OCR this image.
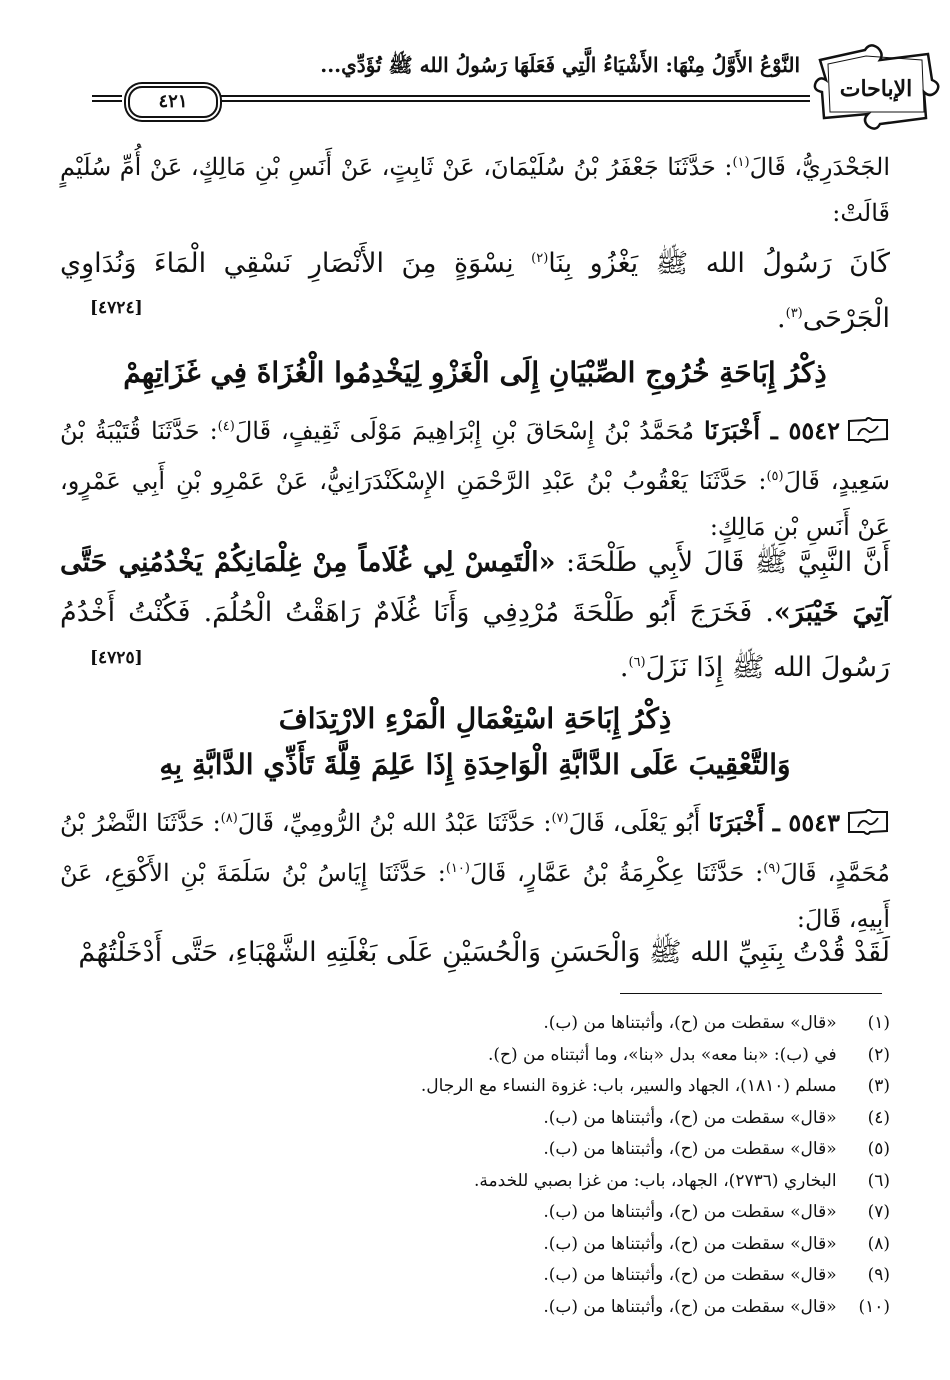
النَّوْعُ الأَوَّلُ مِنْهَا: الأَشْيَاءُ الَّتِي فَعَلَهَا رَسُولُ الله ﷺ تُؤَدِّي...
٤٢١	الإباحات
الجَحْدَرِيُّ، قَالَ$^{(١)}$: حَدَّثَنَا جَعْفَرُ بْنُ سُلَيْمَانَ، عَنْ ثَابِتٍ، عَنْ أَنَسِ بْنِ مَالِكٍ، عَنْ أُمِّ سُلَيْمٍ قَالَتْ:
كَانَ رَسُولُ الله ﷺ يَغْزُو بِنَا$^{(٢)}$ نِسْوَةٍ مِنَ الأَنْصَارِ نَسْقِي الْمَاءَ وَنُدَاوِي الْجَرْحَى$^{(٣)}$.
[٤٧٢٤]
ذِكْرُ إِبَاحَةِ خُرُوجِ الصِّبْيَانِ إِلَى الْغَزْوِ لِيَخْدِمُوا الْغُزَاةَ فِي غَزَاتِهِمْ
٥٥٤٢ ـ أَخْبَرَنَا مُحَمَّدُ بْنُ إِسْحَاقَ بْنِ إِبْرَاهِيمَ مَوْلَى ثَقِيفٍ، قَالَ$^{(٤)}$: حَدَّثَنَا قُتَيْبَةُ بْنُ سَعِيدٍ، قَالَ$^{(٥)}$: حَدَّثَنَا يَعْقُوبُ بْنُ عَبْدِ الرَّحْمَنِ الإِسْكَنْدَرَانِيُّ، عَنْ عَمْرِو بْنِ أَبِي عَمْرٍو، عَنْ أَنَسِ بْنِ مَالِكٍ:
أَنَّ النَّبِيَّ ﷺ قَالَ لأَبِي طَلْحَةَ: «الْتَمِسْ لِي غُلَاماً مِنْ غِلْمَانِكُمْ يَخْدُمُنِي حَتَّى آتِيَ خَيْبَرَ». فَخَرَجَ أَبُو طَلْحَةَ مُرْدِفِي وَأَنَا غُلَامٌ رَاهَقْتُ الْحُلُمَ. فَكُنْتُ أَخْدُمُ رَسُولَ الله ﷺ إِذَا نَزَلَ$^{(٦)}$.
[٤٧٢٥]
ذِكْرُ إِبَاحَةِ اسْتِعْمَالِ الْمَرْءِ الارْتِدَافَ
وَالتَّعْقِيبَ عَلَى الدَّابَّةِ الْوَاحِدَةِ إِذَا عَلِمَ قِلَّةَ تَأَذِّي الدَّابَّةِ بِهِ
٥٥٤٣ ـ أَخْبَرَنَا أَبُو يَعْلَى، قَالَ$^{(٧)}$: حَدَّثَنَا عَبْدُ الله بْنُ الرُّومِيِّ، قَالَ$^{(٨)}$: حَدَّثَنَا النَّضْرُ بْنُ مُحَمَّدٍ، قَالَ$^{(٩)}$: حَدَّثَنَا عِكْرِمَةُ بْنُ عَمَّارٍ، قَالَ$^{(١٠)}$: حَدَّثَنَا إِيَاسُ بْنُ سَلَمَةَ بْنِ الأَكْوَعِ، عَنْ أَبِيهِ، قَالَ:
لَقَدْ قُدْتُ بِنَبِيِّ الله ﷺ وَالْحَسَنِ وَالْحُسَيْنِ عَلَى بَغْلَتِهِ الشَّهْبَاءِ، حَتَّى أَدْخَلْتُهُمْ
(١) «قال» سقطت من (ح)، وأثبتناها من (ب).
(٢) في (ب): «بنا معه» بدل «بنا»، وما أثبتناه من (ح).
(٣) مسلم (١٨١٠)، الجهاد والسير، باب: غزوة النساء مع الرجال.
(٤) «قال» سقطت من (ح)، وأثبتناها من (ب).
(٥) «قال» سقطت من (ح)، وأثبتناها من (ب).
(٦) البخاري (٢٧٣٦)، الجهاد، باب: من غزا بصبي للخدمة.
(٧) «قال» سقطت من (ح)، وأثبتناها من (ب).
(٨) «قال» سقطت من (ح)، وأثبتناها من (ب).
(٩) «قال» سقطت من (ح)، وأثبتناها من (ب).
(١٠) «قال» سقطت من (ح)، وأثبتناها من (ب).
